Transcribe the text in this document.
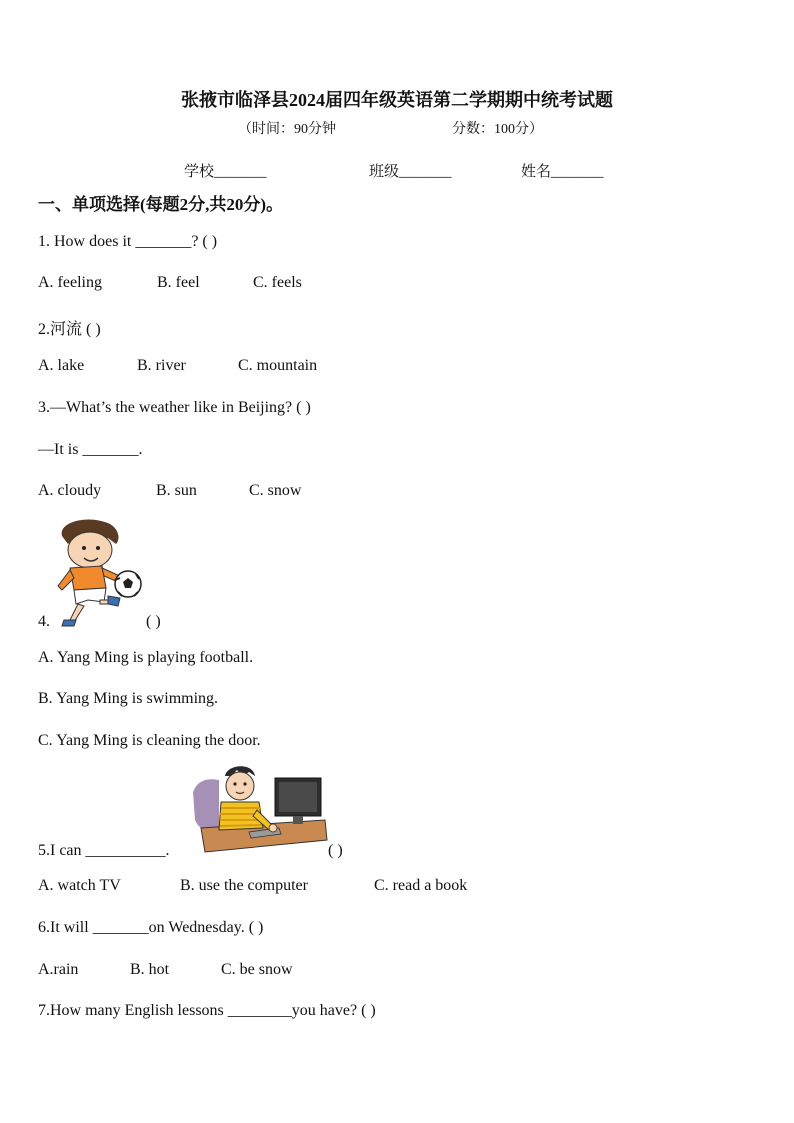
张掖市临泽县2024届四年级英语第二学期期中统考试题
（时间：90分钟	分数：100分）
学校_______	班级_______	姓名_______
一、单项选择(每题2分,共20分)。
1. How does it _______? ( )
A. feeling	B. feel	C. feels
2.河流 ( )
A. lake	B. river	C. mountain
3.—What’s the weather like in Beijing? ( )
—It is _______.
A. cloudy	B. sun	C. snow
4.	( )
A. Yang Ming is playing football.
B. Yang Ming is swimming.
C. Yang Ming is cleaning the door.
5.I can __________.	( )
A. watch TV	B. use the computer	C. read a book
6.It will _______on Wednesday. ( )
A.rain	B. hot	C. be snow
7.How many English lessons ________you have? ( )
